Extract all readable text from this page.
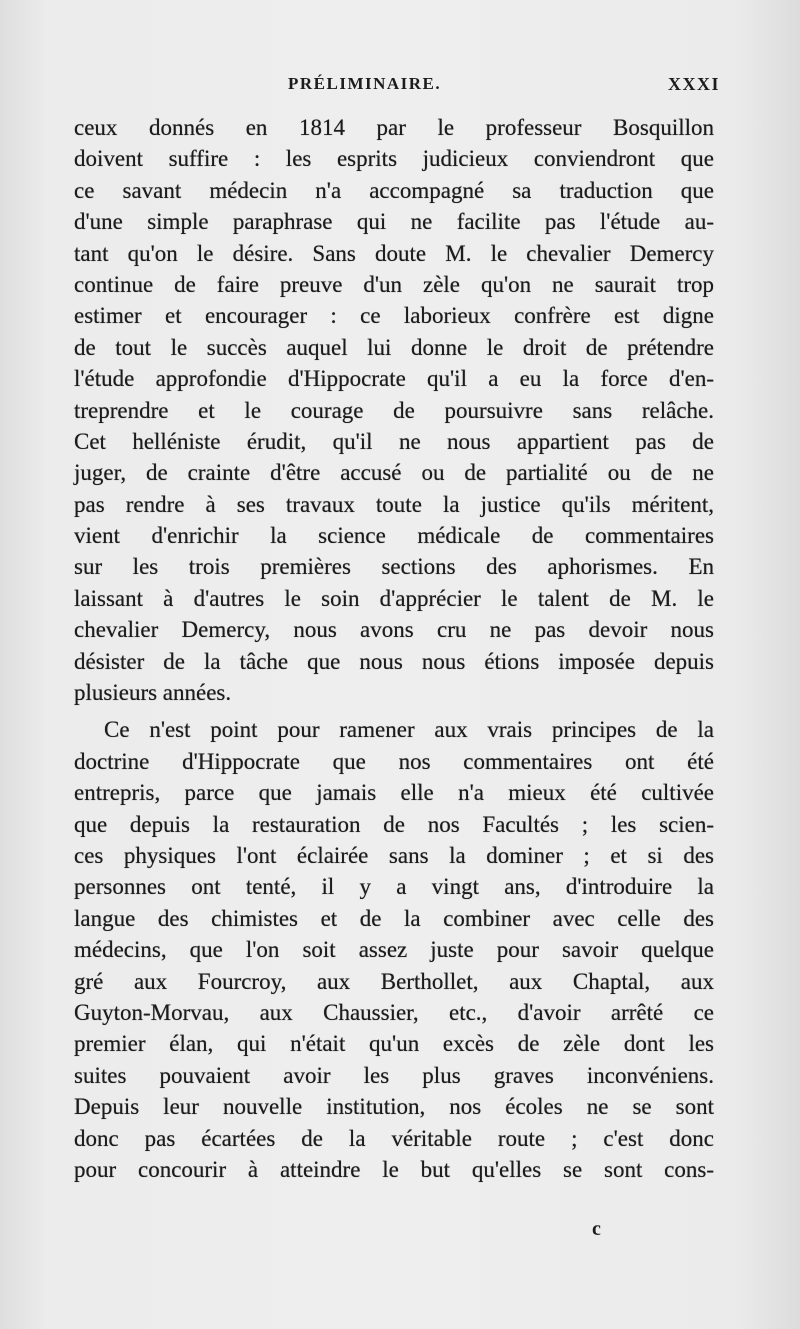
PRÉLIMINAIRE.	XXXI
ceux donnés en 1814 par le professeur Bosquillon
doivent suffire : les esprits judicieux conviendront que
ce savant médecin n'a accompagné sa traduction que
d'une simple paraphrase qui ne facilite pas l'étude au-
tant qu'on le désire. Sans doute M. le chevalier Demercy
continue de faire preuve d'un zèle qu'on ne saurait trop
estimer et encourager : ce laborieux confrère est digne
de tout le succès auquel lui donne le droit de prétendre
l'étude approfondie d'Hippocrate qu'il a eu la force d'en-
treprendre et le courage de poursuivre sans relâche.
Cet helléniste érudit, qu'il ne nous appartient pas de
juger, de crainte d'être accusé ou de partialité ou de ne
pas rendre à ses travaux toute la justice qu'ils méritent,
vient d'enrichir la science médicale de commentaires
sur les trois premières sections des aphorismes. En
laissant à d'autres le soin d'apprécier le talent de M. le
chevalier Demercy, nous avons cru ne pas devoir nous
désister de la tâche que nous nous étions imposée depuis
plusieurs années.
Ce n'est point pour ramener aux vrais principes de la
doctrine d'Hippocrate que nos commentaires ont été
entrepris, parce que jamais elle n'a mieux été cultivée
que depuis la restauration de nos Facultés ; les scien-
ces physiques l'ont éclairée sans la dominer ; et si des
personnes ont tenté, il y a vingt ans, d'introduire la
langue des chimistes et de la combiner avec celle des
médecins, que l'on soit assez juste pour savoir quelque
gré aux Fourcroy, aux Berthollet, aux Chaptal, aux
Guyton-Morvau, aux Chaussier, etc., d'avoir arrêté ce
premier élan, qui n'était qu'un excès de zèle dont les
suites pouvaient avoir les plus graves inconvéniens.
Depuis leur nouvelle institution, nos écoles ne se sont
donc pas écartées de la véritable route ; c'est donc
pour concourir à atteindre le but qu'elles se sont cons-
c
